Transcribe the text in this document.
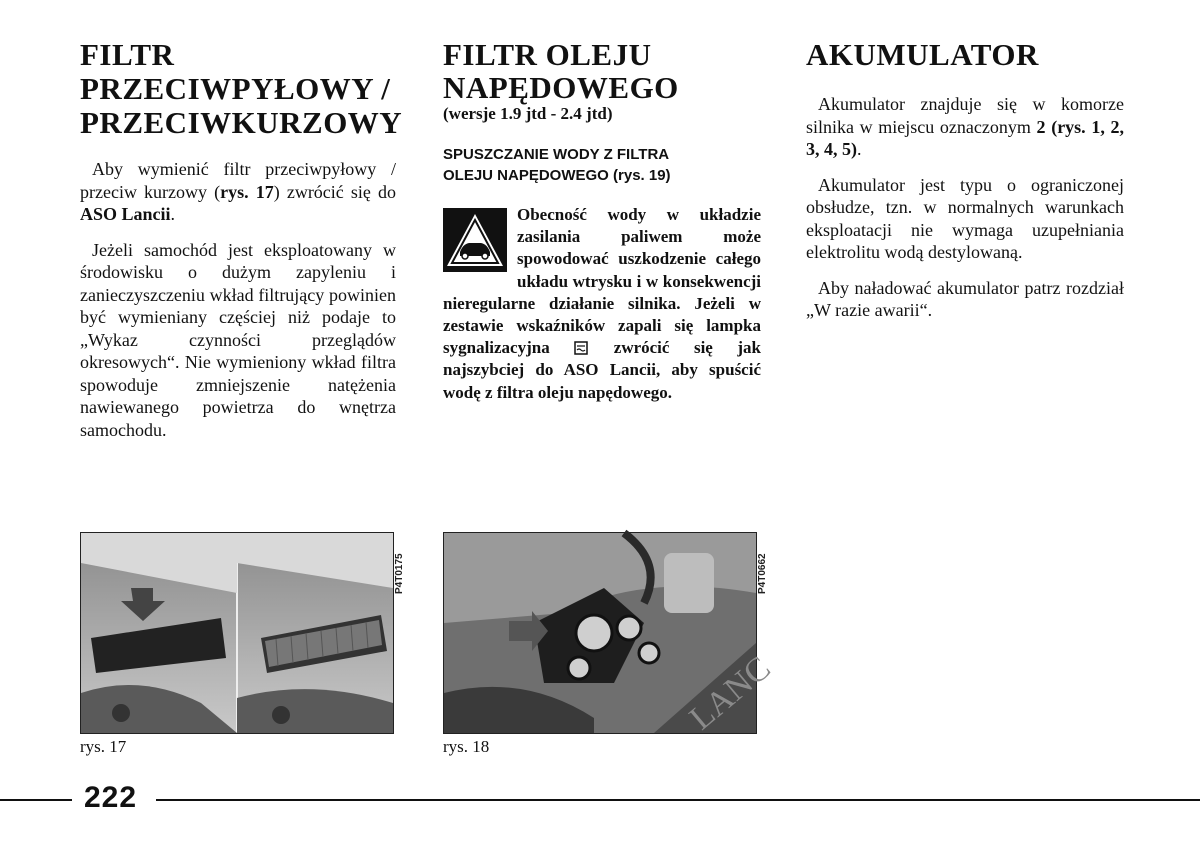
FILTR
PRZECIWPYŁOWY /
PRZECIWKURZOWY

Aby wymienić filtr przeciwpyłowy / przeciw kurzowy (rys. 17) zwrócić się do ASO Lancii.

Jeżeli samochód jest eksploatowany w środowisku o dużym zapyleniu i zanieczyszczeniu wkład filtrujący powinien być wymieniany częściej niż podaje to „Wykaz czynności przeglądów okresowych“. Nie wymieniony wkład filtra spowoduje zmniejszenie natężenia nawiewanego powietrza do wnętrza samochodu.

FILTR OLEJU
NAPĘDOWEGO
(wersje 1.9 jtd - 2.4 jtd)

SPUSZCZANIE WODY Z FILTRA
OLEJU NAPĘDOWEGO (rys. 19)

Obecność wody w układzie zasilania paliwem może spowodować uszkodzenie całego układu wtrysku i w konsekwencji nieregularne działanie silnika. Jeżeli w zestawie wskaźników zapali się lampka sygnalizacyjna  zwrócić się jak najszybciej do ASO Lancii, aby spuścić wodę z filtra oleju napędowego.

AKUMULATOR

Akumulator znajduje się w komorze silnika w miejscu oznaczonym 2 (rys. 1, 2, 3, 4, 5).

Akumulator jest typu o ograniczonej obsłudze, tzn. w normalnych warunkach eksploatacji nie wymaga uzupełniania elektrolitu wodą destylowaną.

Aby naładować akumulator patrz rozdział „W razie awarii“.

P4T0175
rys. 17
LANC
P4T0662
rys. 18
222
